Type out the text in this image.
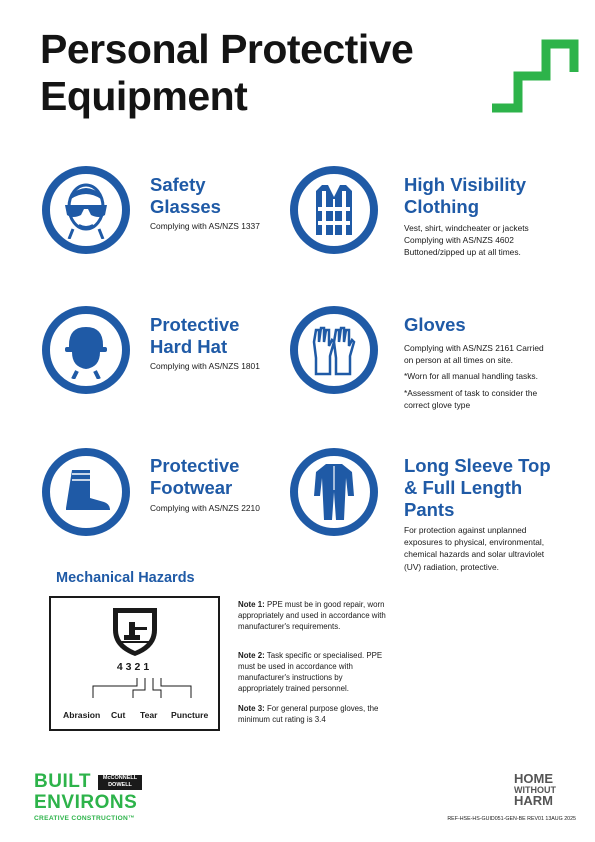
Personal Protective
Equipment
Safety
Glasses

Complying with AS/NZS 1337

High Visibility
Clothing

Vest, shirt, windcheater or jackets
Complying with AS/NZS 4602
Buttoned/zipped up at all times.

Protective
Hard Hat

Complying with AS/NZS 1801

Gloves

Complying with AS/NZS 2161 Carried
on person at all times on site.
*Worn for all manual handling tasks.
*Assessment of task to consider the
correct glove type

Protective
Footwear

Complying with AS/NZS 2210

Long Sleeve Top
& Full Length
Pants

For protection against unplanned
exposures to physical, environmental,
chemical hazards and solar ultraviolet
(UV) radiation, protective.

Mechanical Hazards
4321
Abrasion Cut Tear Puncture

Note 1: PPE must be in good repair, worn appropriately and used in accordance with manufacturer's requirements.

Note 2: Task specific or specialised. PPE must be used in accordance with manufacturer's instructions by appropriately trained personnel.

Note 3: For general purpose gloves, the minimum cut rating is 3.4

BUILT	McCONNELL
DOWELL
ENVIRONS
CREATIVE CONSTRUCTION™
HOME
WITHOUT
HARM
REF-HSE-HS-GUID051-GEN-BE REV01 13AUG 2025
